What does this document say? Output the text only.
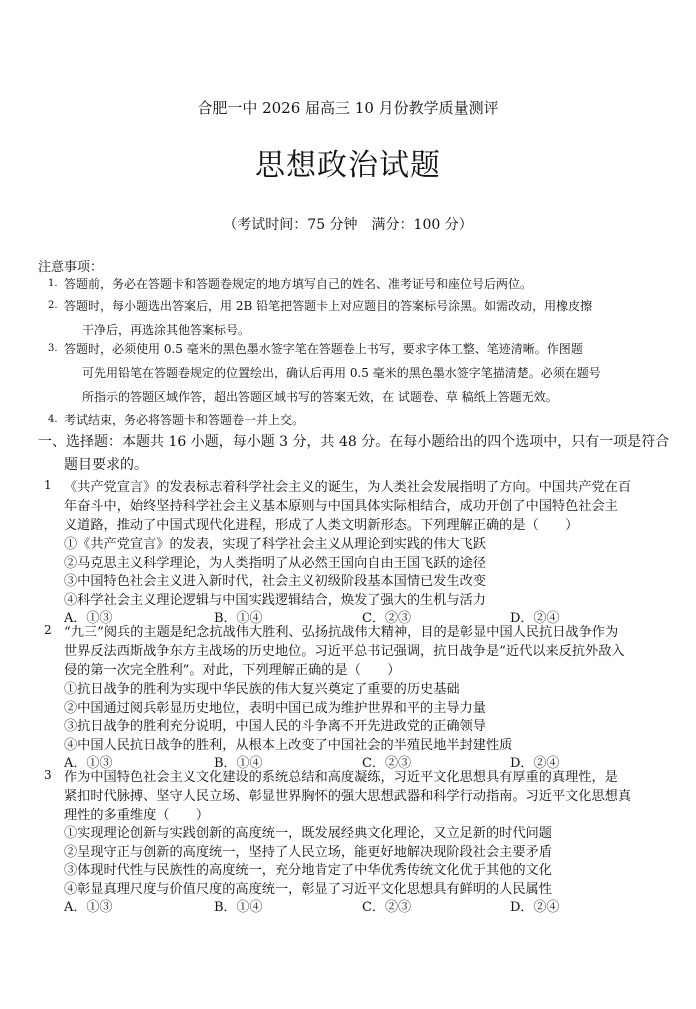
合肥一中 2026 届高三 10 月份教学质量测评
思想政治试题
（考试时间：75 分钟　满分：100 分）
注意事项：
1. 答题前，务必在答题卡和答题卷规定的地方填写自己的姓名、准考证号和座位号后两位。
2. 答题时，每小题选出答案后，用 2B 铅笔把答题卡上对应题目的答案标号涂黑。如需改动，用橡皮擦
干净后，再选涂其他答案标号。
3. 答题时，必须使用 0.5 毫米的黑色墨水签字笔在答题卷上书写，要求字体工整、笔迹清晰。作图题
可先用铅笔在答题卷规定的位置绘出，确认后再用 0.5 毫米的黑色墨水签字笔描清楚。必须在题号
所指示的答题区域作答，超出答题区域书写的答案无效，在 试题卷、草 稿纸上答题无效。
4. 考试结束，务必将答题卡和答题卷一并上交。
一、选择题：本题共 16 小题，每小题 3 分，共 48 分。在每小题给出的四个选项中，只有一项是符合
题目要求的。
1 《共产党宣言》的发表标志着科学社会主义的诞生，为人类社会发展指明了方向。中国共产党在百
年奋斗中，始终坚持科学社会主义基本原则与中国具体实际相结合，成功开创了中国特色社会主
义道路，推动了中国式现代化进程，形成了人类文明新形态。下列理解正确的是（　　）
①《共产党宣言》的发表，实现了科学社会主义从理论到实践的伟大飞跃
②马克思主义科学理论，为人类指明了从必然王国向自由王国飞跃的途径
③中国特色社会主义进入新时代，社会主义初级阶段基本国情已发生改变
④科学社会主义理论逻辑与中国实践逻辑结合，焕发了强大的生机与活力
A．①③	B．①④	C．②③	D．②④
2 “九三”阅兵的主题是纪念抗战伟大胜利、弘扬抗战伟大精神，目的是彰显中国人民抗日战争作为
世界反法西斯战争东方主战场的历史地位。习近平总书记强调，抗日战争是“近代以来反抗外敌入
侵的第一次完全胜利”。对此，下列理解正确的是（　　）
①抗日战争的胜利为实现中华民族的伟大复兴奠定了重要的历史基础
②中国通过阅兵彰显历史地位，表明中国已成为维护世界和平的主导力量
③抗日战争的胜利充分说明，中国人民的斗争离不开先进政党的正确领导
④中国人民抗日战争的胜利，从根本上改变了中国社会的半殖民地半封建性质
A．①③	B．①④	C．②③	D．②④
3 作为中国特色社会主义文化建设的系统总结和高度凝练，习近平文化思想具有厚重的真理性，是
紧扣时代脉搏、坚守人民立场、彰显世界胸怀的强大思想武器和科学行动指南。习近平文化思想真
理性的多重维度（　　）
①实现理论创新与实践创新的高度统一，既发展经典文化理论，又立足新的时代问题
②呈现守正与创新的高度统一，坚持了人民立场，能更好地解决现阶段社会主要矛盾
③体现时代性与民族性的高度统一，充分地肯定了中华优秀传统文化优于其他的文化
④彰显真理尺度与价值尺度的高度统一，彰显了习近平文化思想具有鲜明的人民属性
A．①③	B．①④	C．②③	D．②④
